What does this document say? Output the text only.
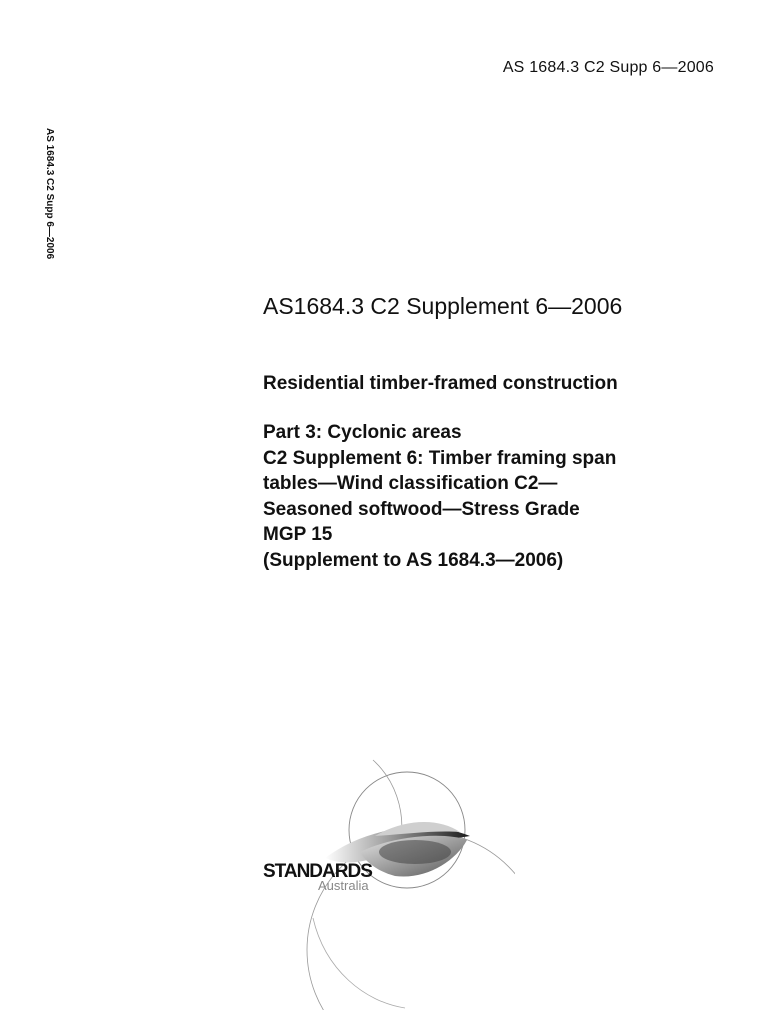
AS 1684.3 C2 Supp 6—2006
AS 1684.3 C2 Supp 6—2006
AS1684.3 C2 Supplement 6—2006
Residential timber-framed construction
Part 3: Cyclonic areas
C2 Supplement 6: Timber framing span
tables—Wind classification C2—
Seasoned softwood—Stress Grade
MGP 15
(Supplement to AS 1684.3—2006)
STANDARDS
Australia
